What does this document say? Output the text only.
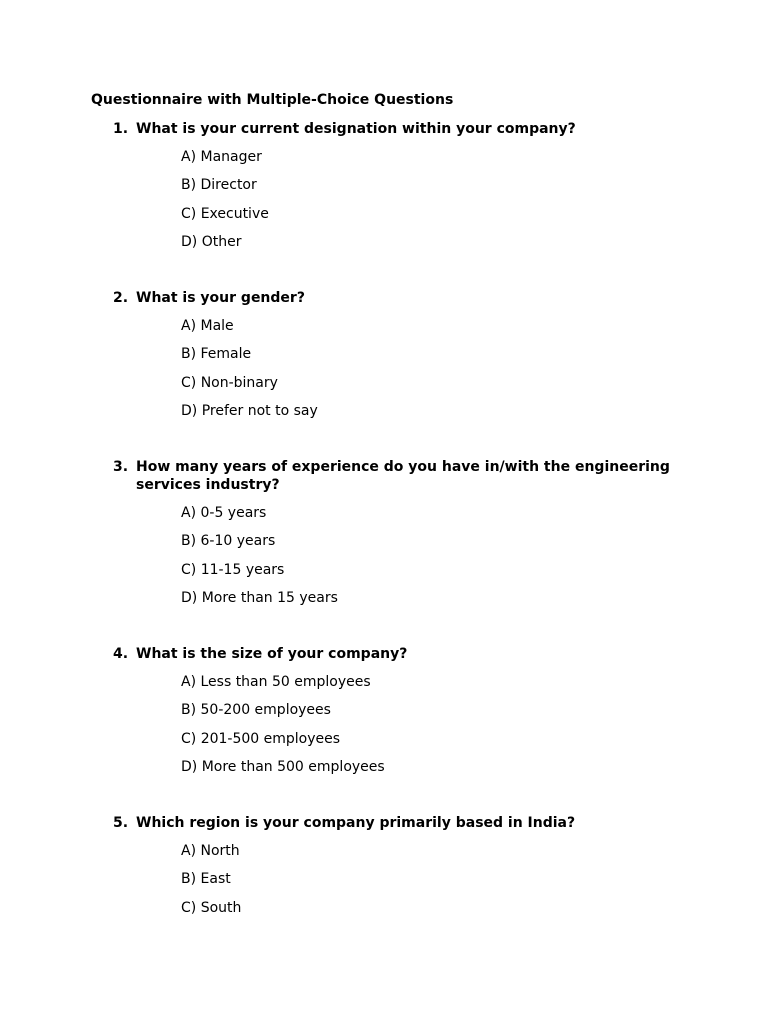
Questionnaire with Multiple-Choice Questions
1. What is your current designation within your company?
A) Manager
B) Director
C) Executive
D) Other
2. What is your gender?
A) Male
B) Female
C) Non-binary
D) Prefer not to say
3. How many years of experience do you have in/with the engineering services industry?
A) 0-5 years
B) 6-10 years
C) 11-15 years
D) More than 15 years
4. What is the size of your company?
A) Less than 50 employees
B) 50-200 employees
C) 201-500 employees
D) More than 500 employees
5. Which region is your company primarily based in India?
A) North
B) East
C) South
